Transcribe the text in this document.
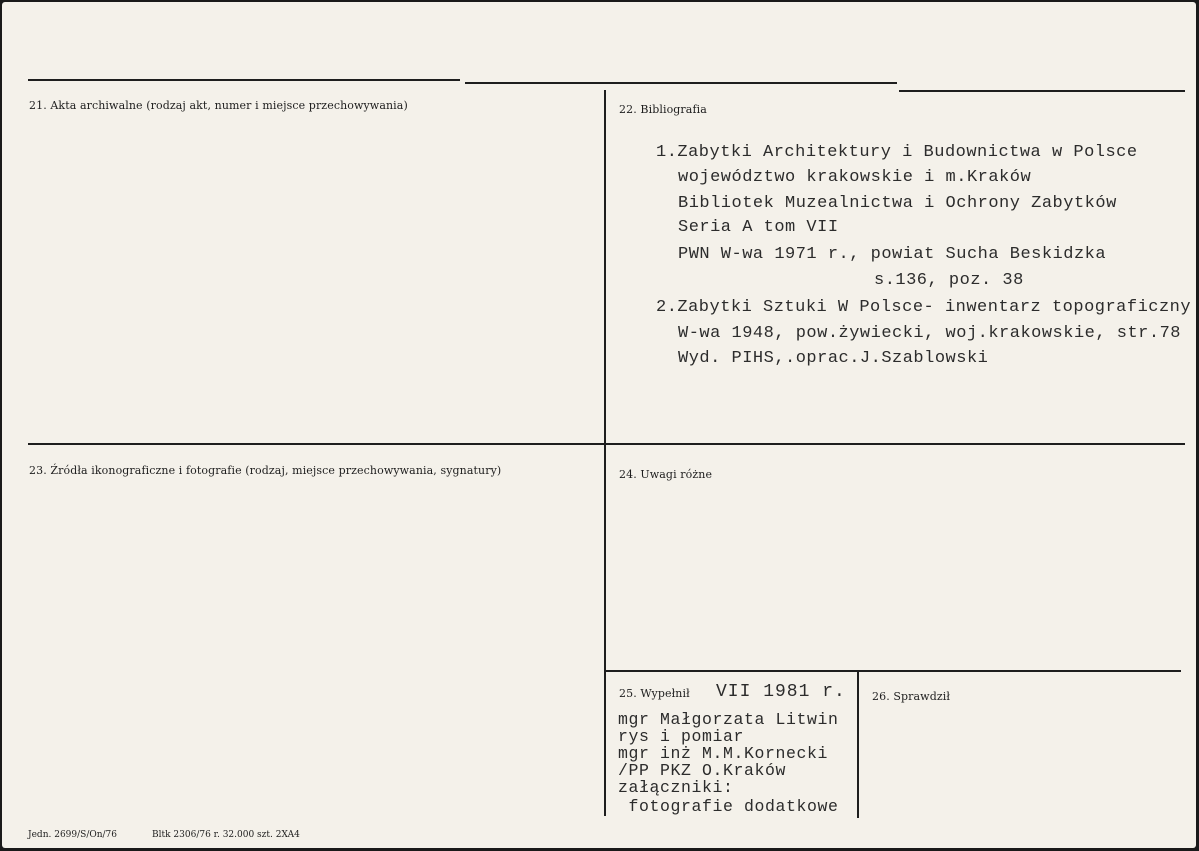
21. Akta archiwalne (rodzaj akt, numer i miejsce przechowywania)	22. Bibliografia
23. Źródła ikonograficzne i fotografie (rodzaj, miejsce przechowywania, sygnatury)	24. Uwagi różne
25. Wypełnił	26. Sprawdził
1.Zabytki Architektury i Budownictwa w Polsce
województwo krakowskie i m.Kraków
Bibliotek Muzealnictwa i Ochrony Zabytków
Seria A tom VII
PWN W-wa 1971 r., powiat Sucha Beskidzka
s.136, poz. 38
2.Zabytki Sztuki W Polsce- inwentarz topograficzny
W-wa 1948, pow.żywiecki, woj.krakowskie, str.78
Wyd. PIHS,.oprac.J.Szablowski
VII 1981 r.
mgr Małgorzata Litwin
rys i pomiar
mgr inż M.M.Kornecki
/PP PKZ O.Kraków
załączniki:
fotografie dodatkowe
Jedn. 2699/S/On/76	Bltk 2306/76 r. 32.000 szt. 2XA4
